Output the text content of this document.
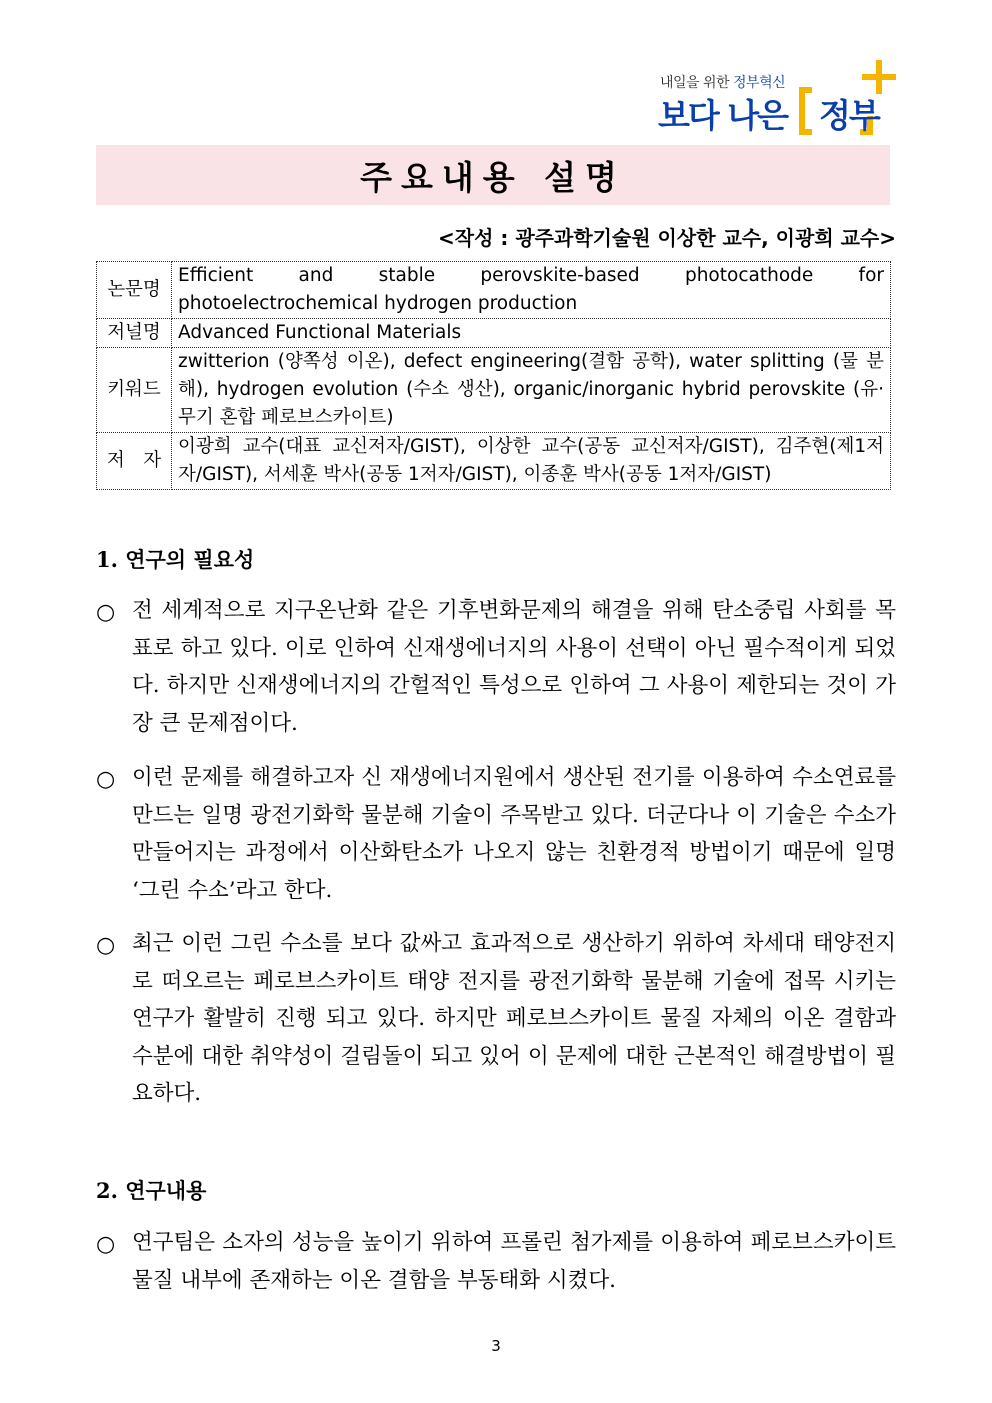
내일을 위한 정부혁신
보다 나은 정부
주요내용 설명
<작성 : 광주과학기술원 이상한 교수, 이광희 교수>
논문명	Efficient and stable perovskite-based photocathode for photoelectrochemical hydrogen production
저널명	Advanced Functional Materials
키워드	zwitterion (양쪽성 이온), defect engineering(결함 공학), water splitting (물 분해), hydrogen evolution (수소 생산), organic/inorganic hybrid perovskite (유·무기 혼합 페로브스카이트)
저　자	이광희 교수(대표 교신저자/GIST), 이상한 교수(공동 교신저자/GIST), 김주현(제1저자/GIST), 서세훈 박사(공동 1저자/GIST), 이종훈 박사(공동 1저자/GIST)
1. 연구의 필요성
○ 전 세계적으로 지구온난화 같은 기후변화문제의 해결을 위해 탄소중립 사회를 목표로 하고 있다. 이로 인하여 신재생에너지의 사용이 선택이 아닌 필수적이게 되었다. 하지만 신재생에너지의 간헐적인 특성으로 인하여 그 사용이 제한되는 것이 가장 큰 문제점이다.
○ 이런 문제를 해결하고자 신 재생에너지원에서 생산된 전기를 이용하여 수소연료를 만드는 일명 광전기화학 물분해 기술이 주목받고 있다. 더군다나 이 기술은 수소가 만들어지는 과정에서 이산화탄소가 나오지 않는 친환경적 방법이기 때문에 일명 ‘그린 수소’라고 한다.
○ 최근 이런 그린 수소를 보다 값싸고 효과적으로 생산하기 위하여 차세대 태양전지로 떠오르는 페로브스카이트 태양 전지를 광전기화학 물분해 기술에 접목 시키는 연구가 활발히 진행 되고 있다. 하지만 페로브스카이트 물질 자체의 이온 결함과 수분에 대한 취약성이 걸림돌이 되고 있어 이 문제에 대한 근본적인 해결방법이 필요하다.
2. 연구내용
○ 연구팀은 소자의 성능을 높이기 위하여 프롤린 첨가제를 이용하여 페로브스카이트 물질 내부에 존재하는 이온 결함을 부동태화 시켰다.
3
